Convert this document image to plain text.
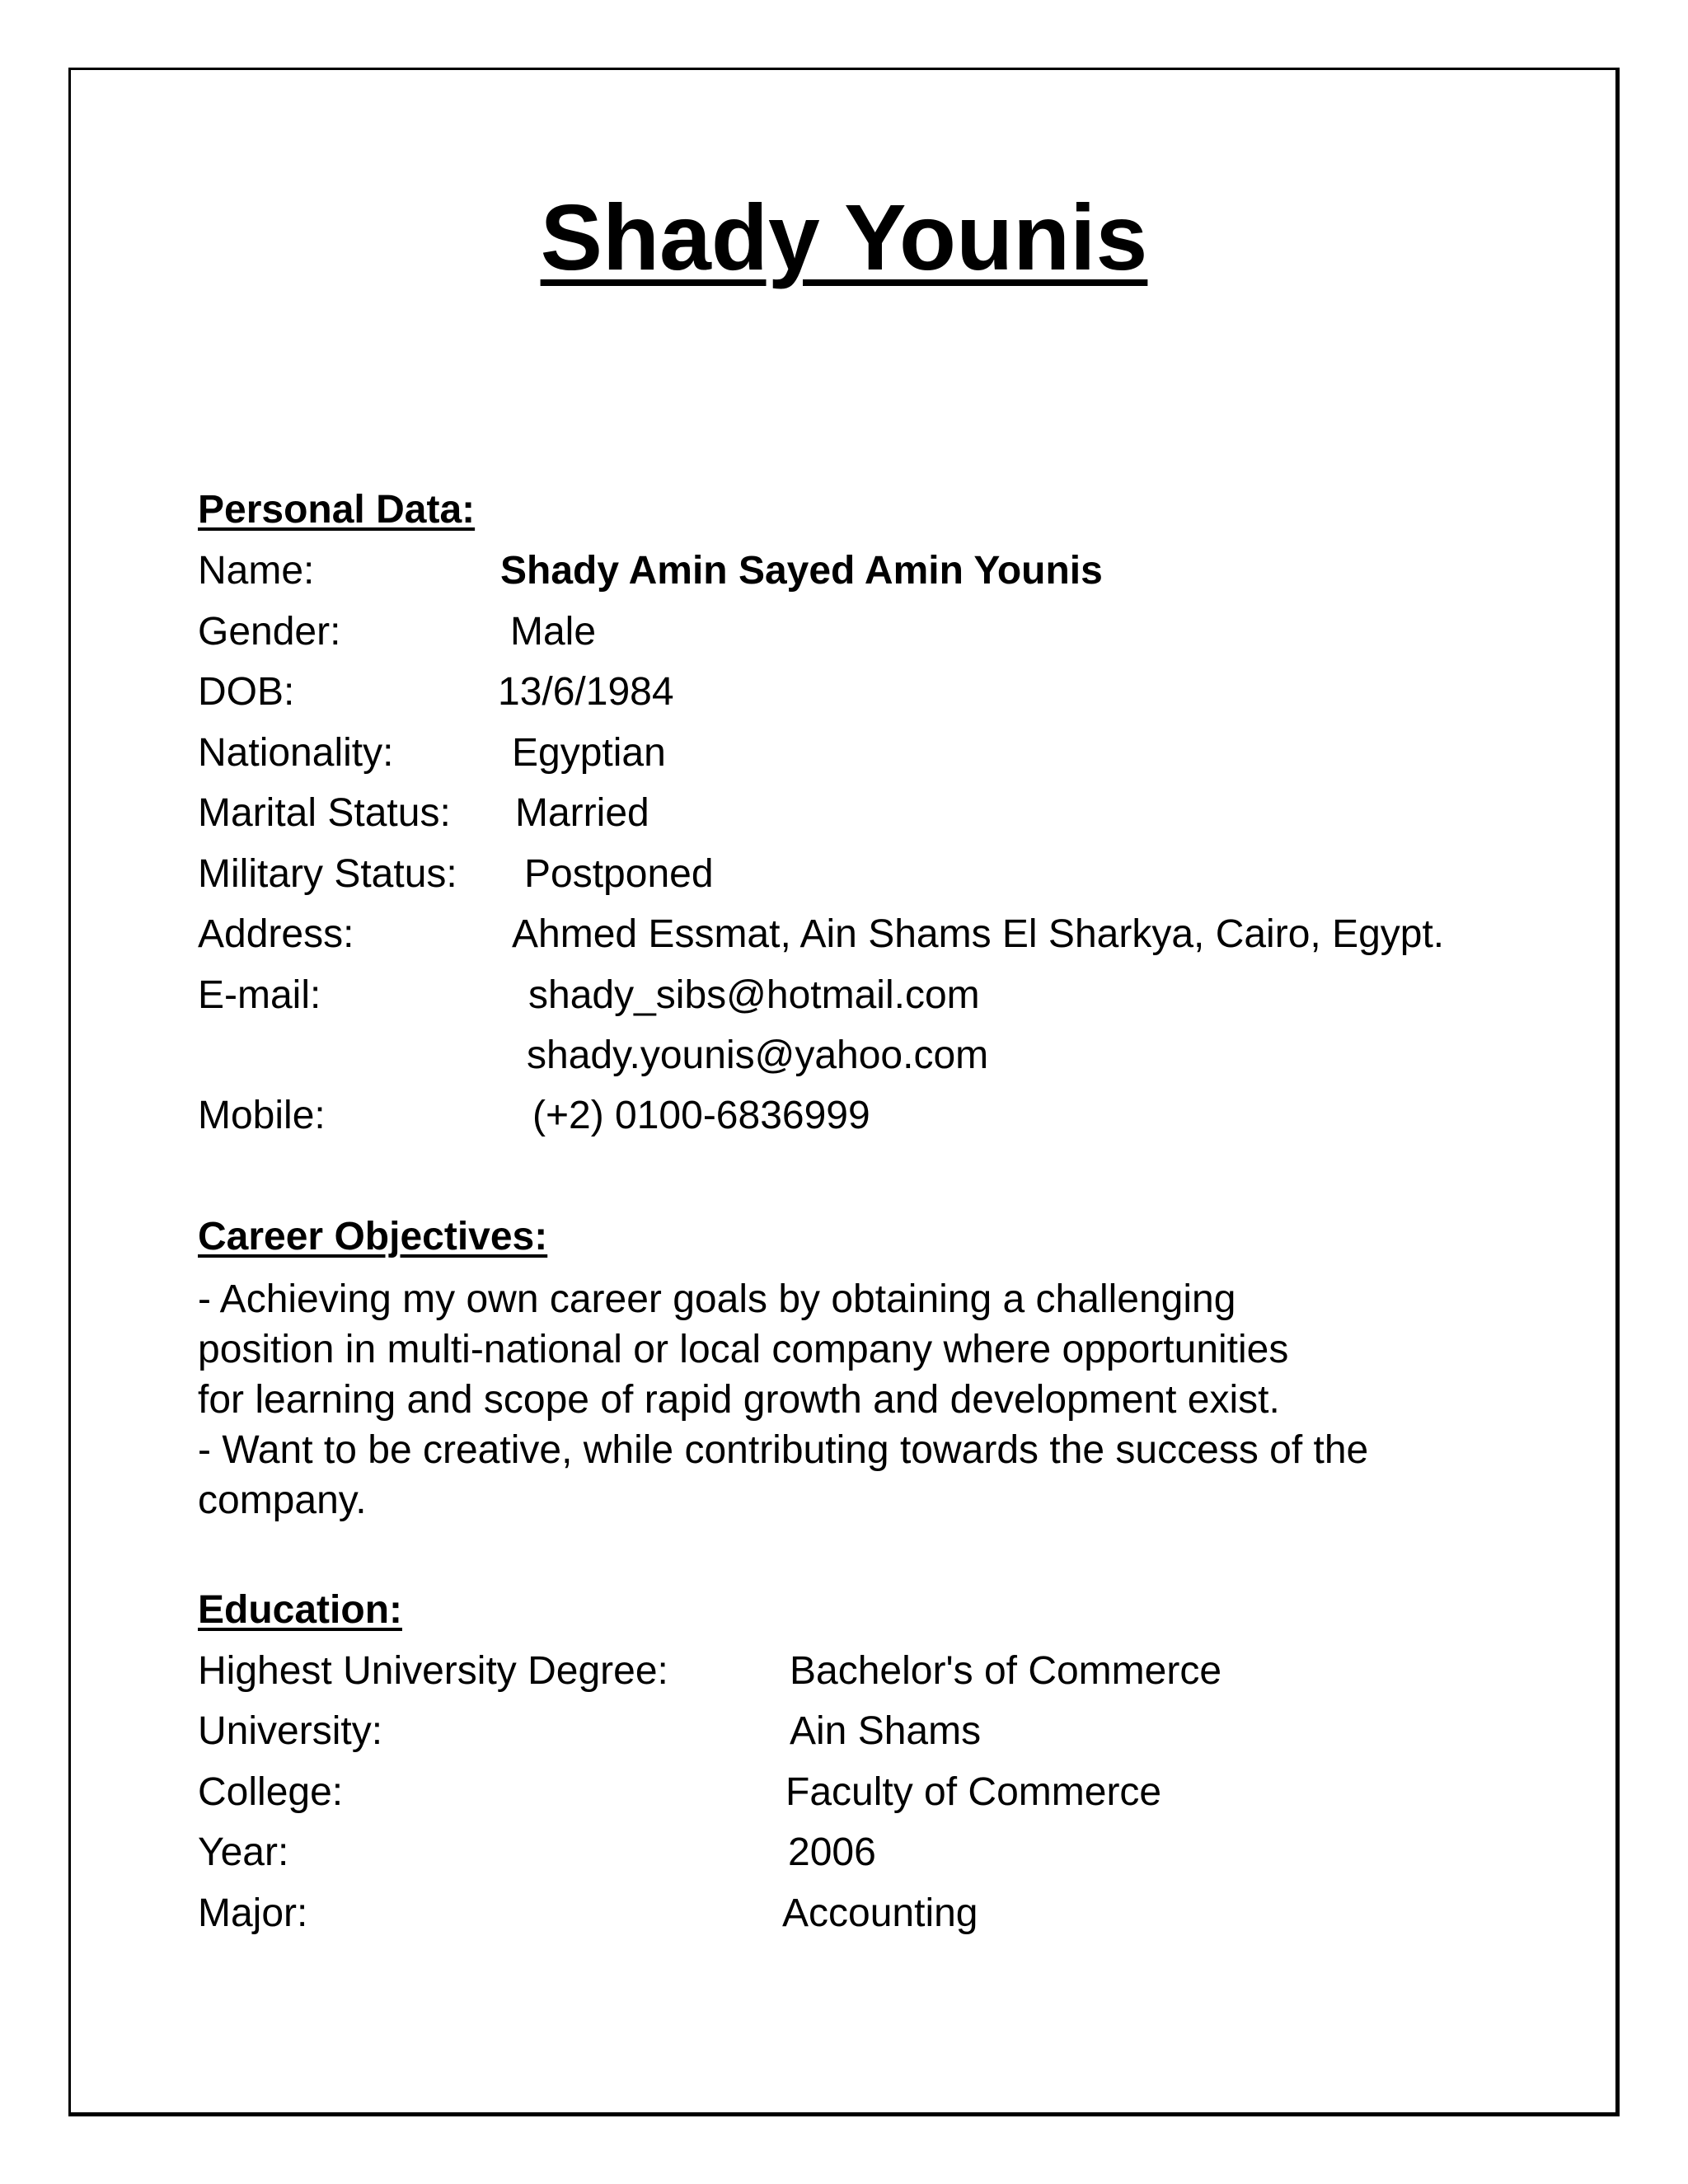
Shady Younis

Personal Data:

Name:	Shady Amin Sayed Amin Younis

Gender:	Male

DOB:	13/6/1984

Nationality:	Egyptian

Marital Status: Married

Military Status: Postponed

Address:	Ahmed Essmat, Ain Shams El Sharkya, Cairo, Egypt.

E-mail:	shady_sibs@hotmail.com

shady.younis@yahoo.com

Mobile:	(+2) 0100-6836999

Career Objectives:

- Achieving my own career goals by obtaining a challenging

position in multi-national or local company where opportunities

for learning and scope of rapid growth and development exist.

- Want to be creative, while contributing towards the success of the

company.

Education:

Highest University Degree:	Bachelor's of Commerce

University:	Ain Shams

College:	Faculty of Commerce

Year:	2006

Major:	Accounting
